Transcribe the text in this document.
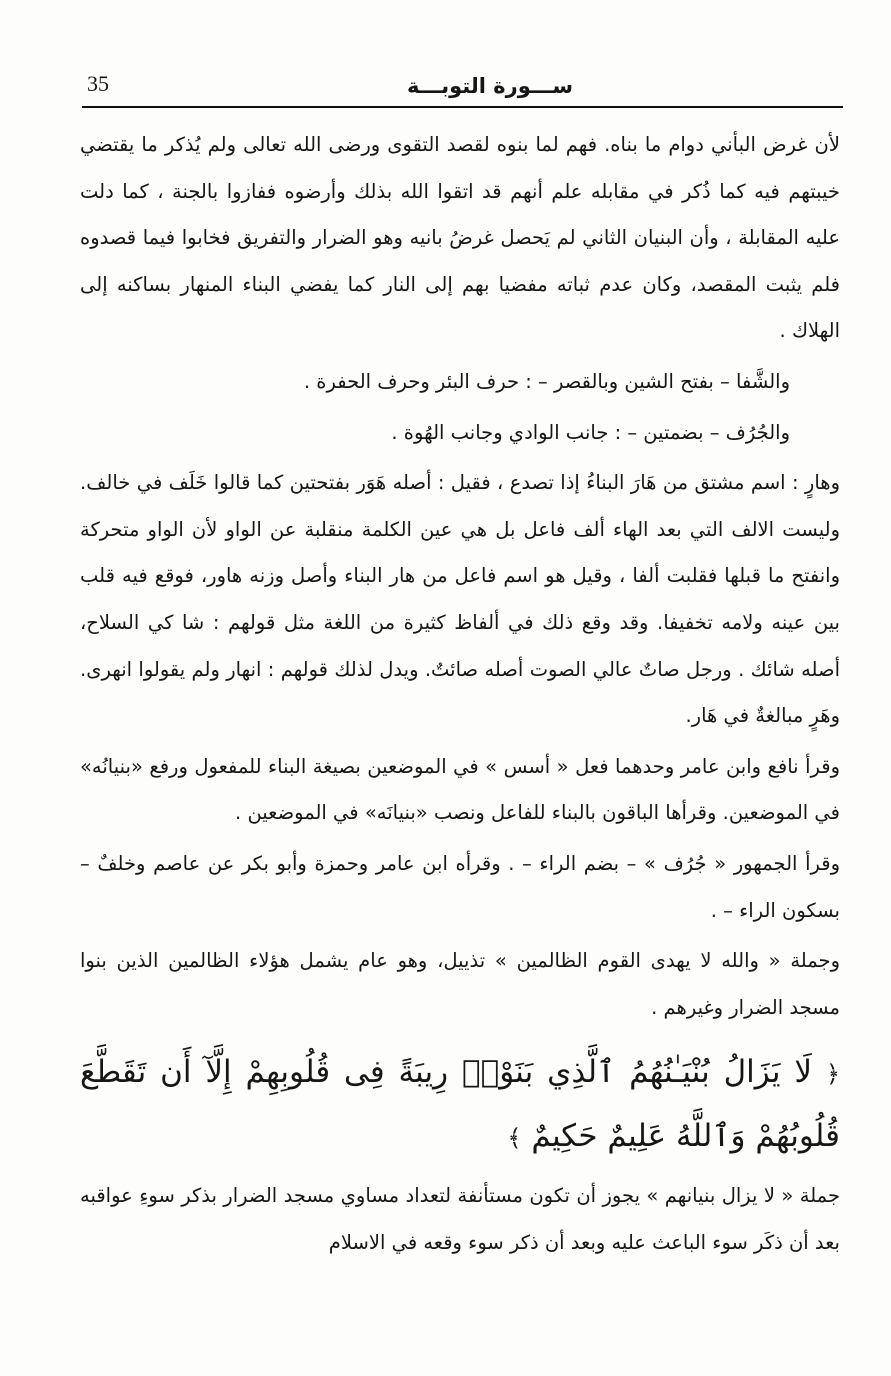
35	ســـورة التوبـــة

لأن غرض البأني دوام ما بناه. فهم لما بنوه لقصد التقوى ورضى الله تعالى ولم يُذكر ما يقتضي خيبتهم فيه كما ذُكر في مقابله علم أنهم قد اتقوا الله بذلك وأرضوه ففازوا بالجنة ، كما دلت عليه المقابلة ، وأن البنيان الثاني لم يَحصل غرضُ بانيه وهو الضرار والتفريق فخابوا فيما قصدوه فلم يثبت المقصد، وكان عدم ثباته مفضيا بهم إلى النار كما يفضي البناء المنهار بساكنه إلى الهلاك .

والشَّفا – بفتح الشين وبالقصر – : حرف البئر وحرف الحفرة .

والجُرُف – بضمتين – : جانب الوادي وجانب الهُوة .

وهارٍ : اسم مشتق من هَارَ البناءُ إذا تصدع ، فقيل : أصله هَوَر بفتحتين كما قالوا خَلَف في خالف. وليست الالف التي بعد الهاء ألف فاعل بل هي عين الكلمة منقلبة عن الواو لأن الواو متحركة وانفتح ما قبلها فقلبت ألفا ، وقيل هو اسم فاعل من هار البناء وأصل وزنه هاور، فوقع فيه قلب بين عينه ولامه تخفيفا. وقد وقع ذلك في ألفاظ كثيرة من اللغة مثل قولهم : شا كي السلاح، أصله شائك . ورجل صاتٌ عالي الصوت أصله صائتٌ. ويدل لذلك قولهم : انهار ولم يقولوا انهرى. وهَرٍ مبالغةٌ في هَار.

وقرأ نافع وابن عامر وحدهما فعل « أسس » في الموضعين بصيغة البناء للمفعول ورفع «بنيانُه» في الموضعين. وقرأها الباقون بالبناء للفاعل ونصب «بنيانَه» في الموضعين .

وقرأ الجمهور « جُرُف » – بضم الراء – . وقرأه ابن عامر وحمزة وأبو بكر عن عاصم وخلفٌ – بسكون الراء – .

وجملة « والله لا يهدى القوم الظالمين » تذييل، وهو عام يشمل هؤلاء الظالمين الذين بنوا مسجد الضرار وغيرهم .

﴿ لَا يَزَالُ بُنْيَـٰنُهُمُ ٱلَّذِي بَنَوْا۟ رِيبَةً فِى قُلُوبِهِمْ إِلَّآ أَن تَقَطَّعَ قُلُوبُهُمْ وَٱللَّهُ عَلِيمٌ حَكِيمٌ ﴾

جملة « لا يزال بنيانهم » يجوز أن تكون مستأنفة لتعداد مساوي مسجد الضرار بذكر سوءِ عواقبه بعد أن ذكَر سوء الباعث عليه وبعد أن ذكر سوء وقعه في الاسلام
